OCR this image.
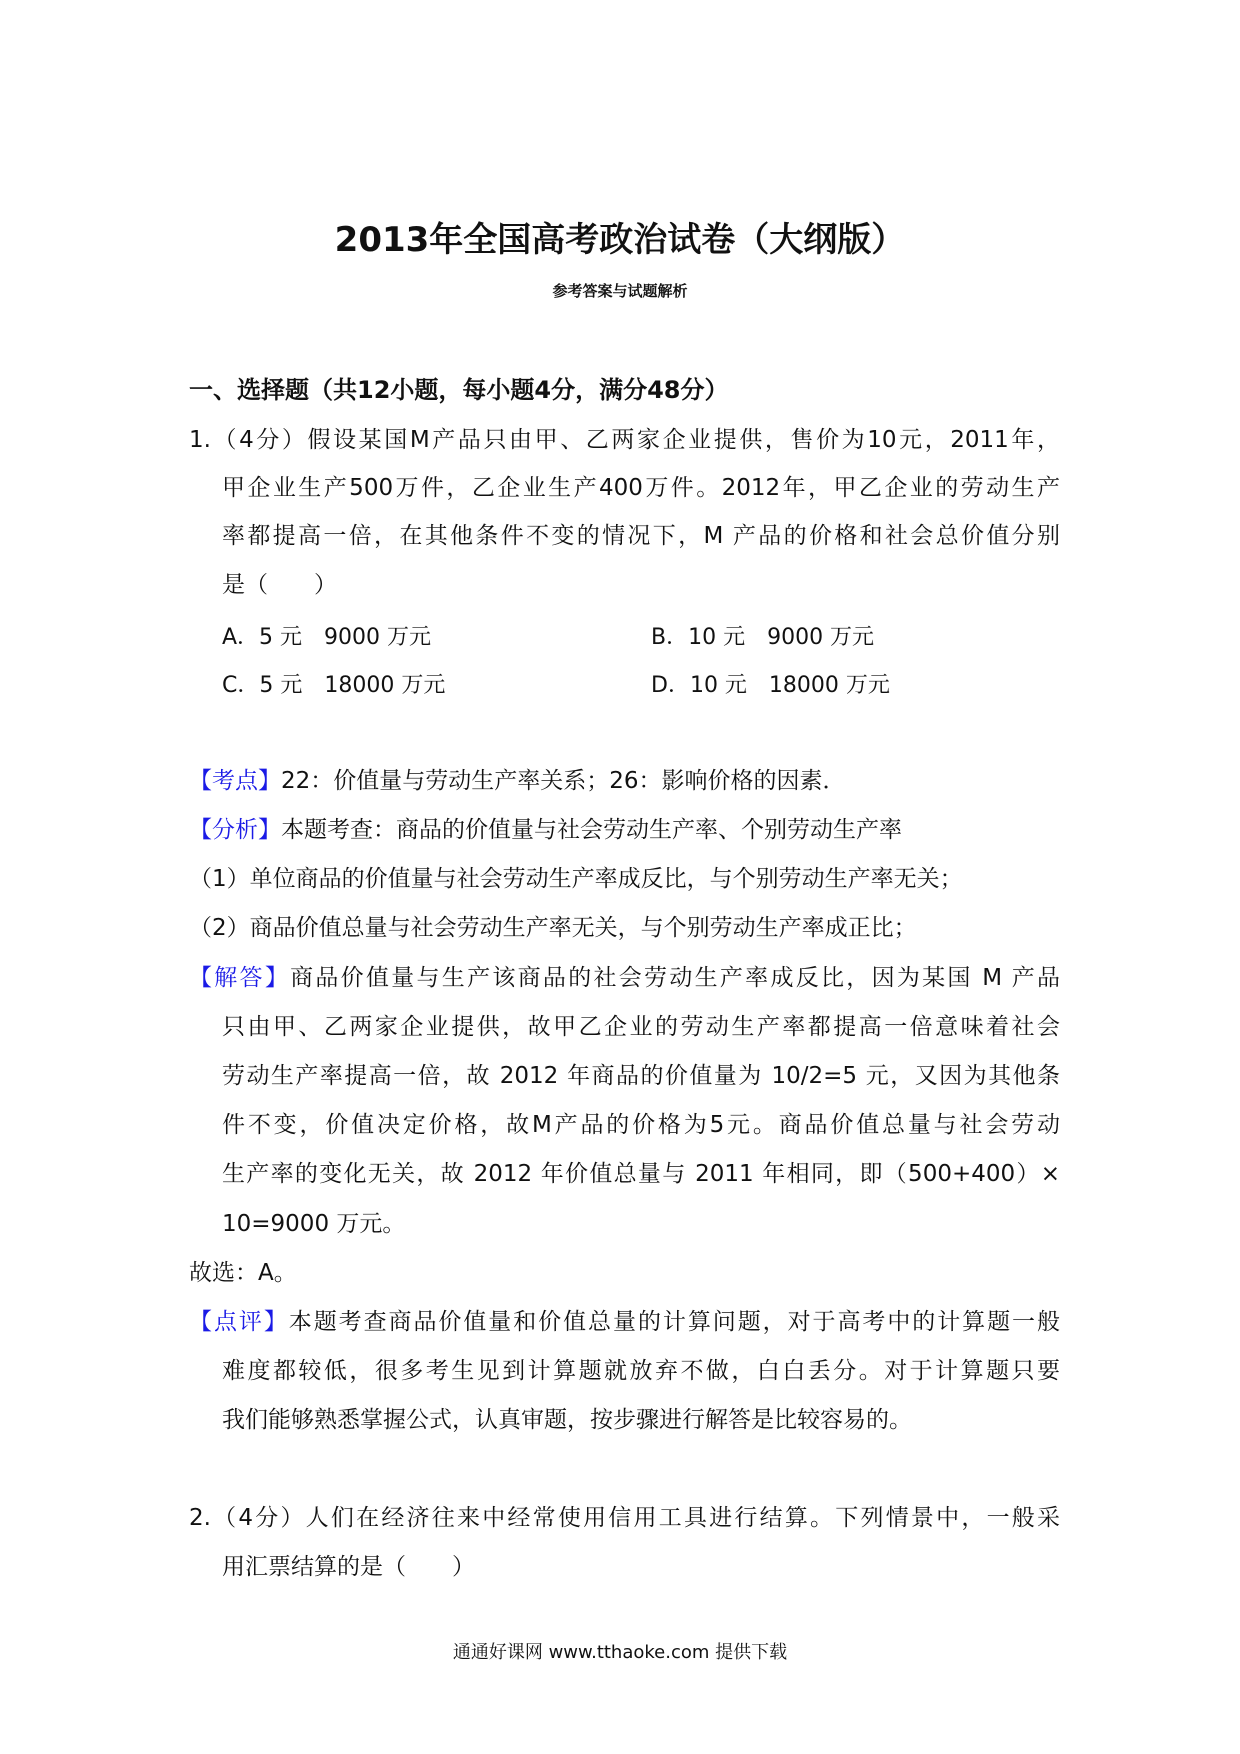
2013年全国高考政治试卷（大纲版）
参考答案与试题解析
一、选择题（共12小题，每小题4分，满分48分）
1.（4分）假设某国M产品只由甲、乙两家企业提供，售价为10元，2011年，
甲企业生产500万件，乙企业生产400万件。2012年，甲乙企业的劳动生产
率都提高一倍，在其他条件不变的情况下，M 产品的价格和社会总价值分别
是（　　）
A．5 元　9000 万元	B．10 元　9000 万元
C．5 元　18000 万元	D．10 元　18000 万元
【考点】22：价值量与劳动生产率关系；26：影响价格的因素．
【分析】本题考查：商品的价值量与社会劳动生产率、个别劳动生产率
（1）单位商品的价值量与社会劳动生产率成反比，与个别劳动生产率无关；
（2）商品价值总量与社会劳动生产率无关，与个别劳动生产率成正比；
【解答】商品价值量与生产该商品的社会劳动生产率成反比，因为某国 M 产品
只由甲、乙两家企业提供，故甲乙企业的劳动生产率都提高一倍意味着社会
劳动生产率提高一倍，故 2012 年商品的价值量为 10/2=5 元，又因为其他条
件不变，价值决定价格，故M产品的价格为5元。商品价值总量与社会劳动
生产率的变化无关，故 2012 年价值总量与 2011 年相同，即（500+400）×
10=9000 万元。
故选：A。
【点评】本题考查商品价值量和价值总量的计算问题，对于高考中的计算题一般
难度都较低，很多考生见到计算题就放弃不做，白白丢分。对于计算题只要
我们能够熟悉掌握公式，认真审题，按步骤进行解答是比较容易的。
2.（4分）人们在经济往来中经常使用信用工具进行结算。下列情景中，一般采
用汇票结算的是（　　）
通通好课网 www.tthaoke.com 提供下载
